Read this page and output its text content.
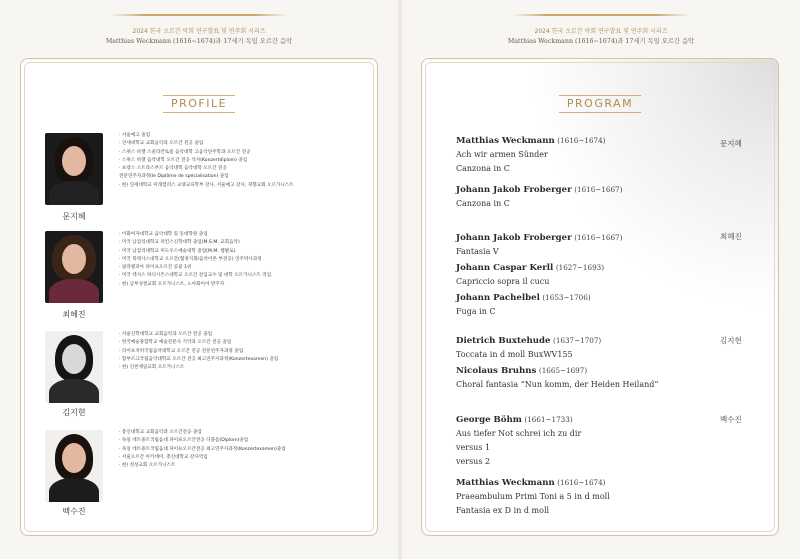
2024 한국 오르간 악회 연구발표 및 연주회 시리즈
Matthias Weckmann (1616~1674)과 17세기 독일 오르간 음악
PROFILE
문지혜
· 서울예고 졸업
· 연세대학교 교회음악과 오르간 전공 졸업
· 스위스 바젤 스콜라칸토룸 음악대학 고음악연주학과 오르간 전공
· 스위스 바젤 음악대학 오르간 전공 석사(Konzertdiplom) 졸업
· 프랑스 스트라스부르 음악대학 음악대학 오르간 전공
전문연주자과정(le Diplôme de spécialisation) 졸업
· 현) 연세대학교 미래캠퍼스 교양교육학부 강사, 서울예고 강사, 경향교회 오르가니스트
최혜진
· 이화여자대학교 음악대학 및 동대학원 졸업
· 미국 남감리대학교 퍼킨스신학대학 졸업(M.S.M. 교회음악)
· 미국 남감리대학교 미도우스예술대학 졸업(M.M. 챔발로)
· 미국 북텍사스대학교 오르간(협정지휘/음악이론 부전공) 연주박사과정
· 필라델피아 파이프오르간 콩쿨 1위
· 미국 텍사스 하디시몬스대학교 오르간 전임교수 및 대학 오르가니스트 역임
· 현) 남부성결교회 오르가니스트, 노아화이어 반주자
김지현
· 서울신학대학교 교회음악과 오르간 전공 졸업
· 한국예술종합학교 예술전문사 기악과 오르간 전공 졸업
· 라이프치히국립음악대학교 오르간 전공 전문연주자과정 졸업
· 함부르크국립음악대학교 오르간 전공 최고연주자과정(Konzertexamen) 졸업
· 현) 인천제일교회 오르가니스트
백수진
· 총신대학교 교회음악과 오르간전공 졸업
· 독일 데트몰트국립음대 파이프오르간전공 디플롬(Diplom)졸업
· 독일 데트몰트국립음대 파이프오르간전공 최고연주자과정(Konzertexamen)졸업
· 서울오르간 아카데미, 총신대학교 강사역임
· 현) 천성교회 오르가니스트
2024 한국 오르간 악회 연구발표 및 연주회 시리즈
Matthias Weckmann (1616~1674)과 17세기 독일 오르간 음악
PROGRAM
문지혜
Matthias Weckmann (1616~1674)
Ach wir armen Sünder
Canzona in C
Johann Jakob Froberger (1616~1667)
Canzona in C
최혜진
Johann Jakob Froberger (1616~1667)
Fantasia V
Johann Caspar Kerll (1627~1693)
Capriccio sopra il cucu
Johann Pachelbel (1653~1706)
Fuga in C
김지현
Dietrich Buxtehude (1637~1707)
Toccata in d moll BuxWV155
Nicolaus Bruhns (1665~1697)
Choral fantasia “Nun komm, der Heiden Heiland”
백수진
George Böhm (1661~1733)
Aus tiefer Not schrei ich zu dir
versus 1
versus 2
Matthias Weckmann (1616~1674)
Praeambulum Primi Toni a 5 in d moll
Fantasia ex D in d moll
